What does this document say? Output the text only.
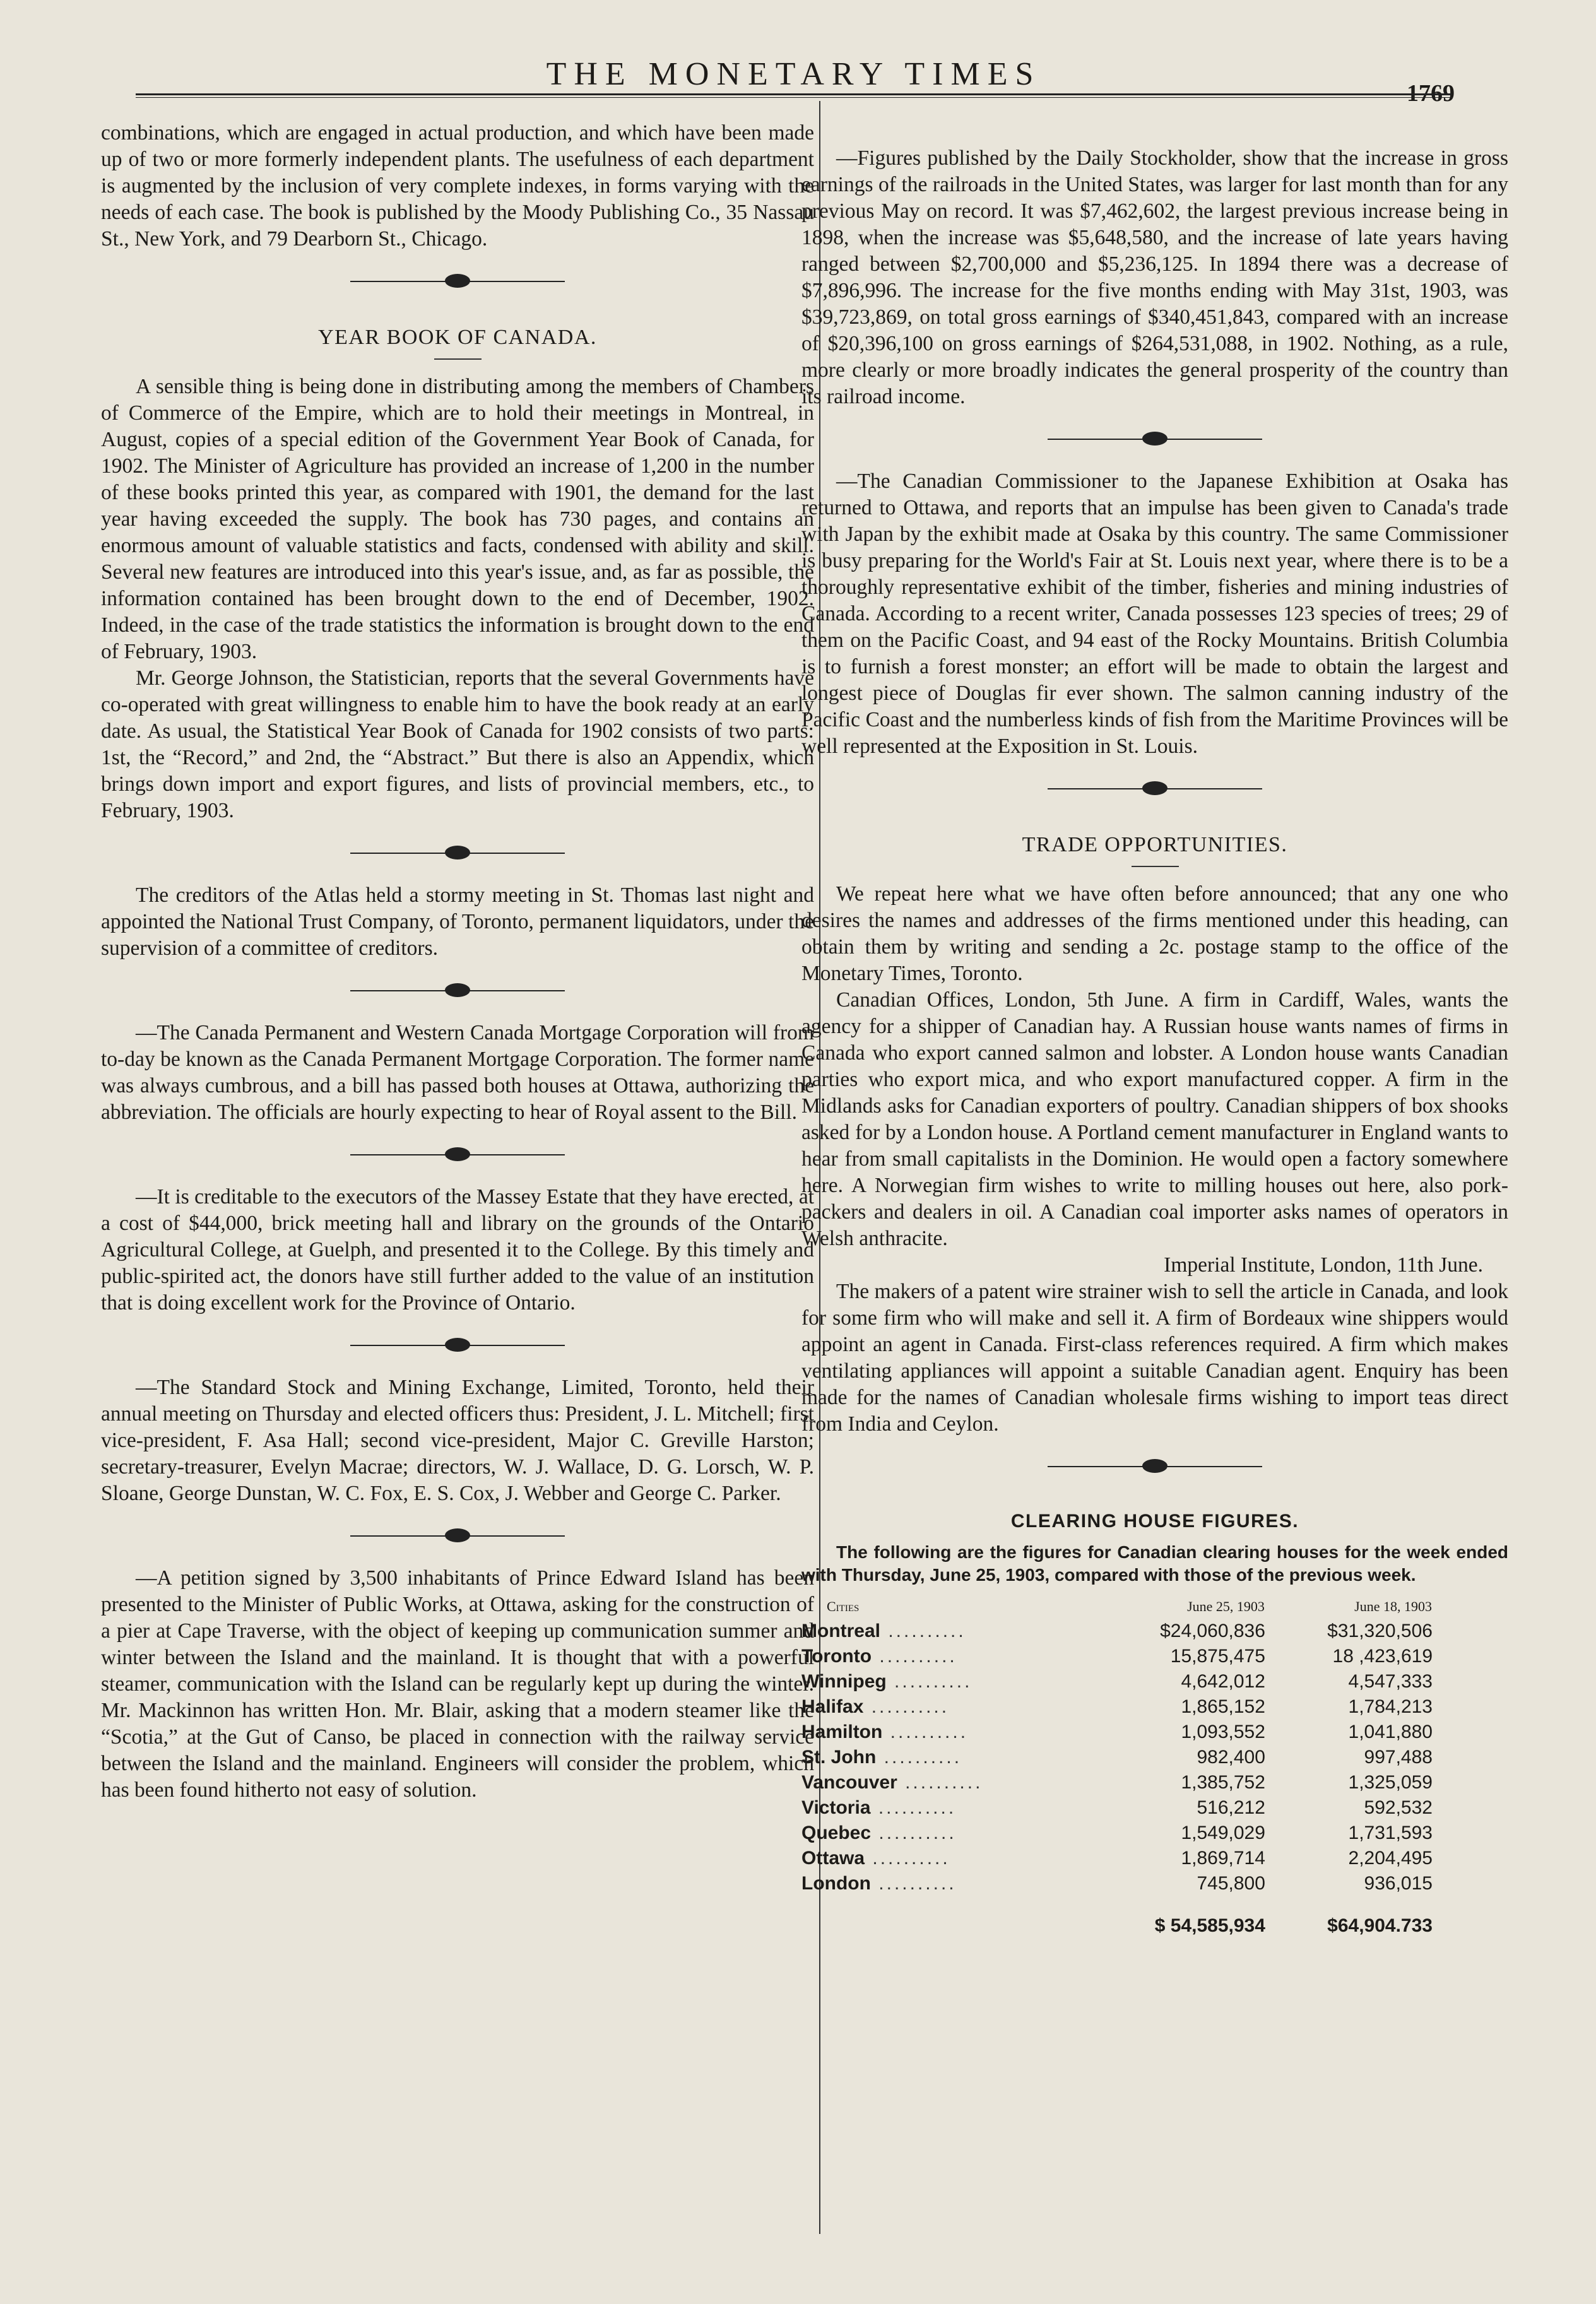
THE MONETARY TIMES
1769

combinations, which are engaged in actual production, and which have been made up of two or more formerly independent plants. The usefulness of each department is augmented by the inclusion of very complete indexes, in forms varying with the needs of each case. The book is published by the Moody Publishing Co., 35 Nassau St., New York, and 79 Dearborn St., Chicago.

YEAR BOOK OF CANADA.

A sensible thing is being done in distributing among the members of Chambers of Commerce of the Empire, which are to hold their meetings in Montreal, in August, copies of a special edition of the Government Year Book of Canada, for 1902. The Minister of Agriculture has provided an increase of 1,200 in the number of these books printed this year, as compared with 1901, the demand for the last year having exceeded the supply. The book has 730 pages, and contains an enormous amount of valuable statistics and facts, condensed with ability and skill. Several new features are introduced into this year's issue, and, as far as possible, the information contained has been brought down to the end of December, 1902. Indeed, in the case of the trade statistics the information is brought down to the end of February, 1903.

Mr. George Johnson, the Statistician, reports that the several Governments have co-operated with great willingness to enable him to have the book ready at an early date. As usual, the Statistical Year Book of Canada for 1902 consists of two parts: 1st, the “Record,” and 2nd, the “Abstract.” But there is also an Appendix, which brings down import and export figures, and lists of provincial members, etc., to February, 1903.

The creditors of the Atlas held a stormy meeting in St. Thomas last night and appointed the National Trust Company, of Toronto, permanent liquidators, under the supervision of a committee of creditors.

—The Canada Permanent and Western Canada Mortgage Corporation will from to-day be known as the Canada Permanent Mortgage Corporation. The former name was always cumbrous, and a bill has passed both houses at Ottawa, authorizing the abbreviation. The officials are hourly expecting to hear of Royal assent to the Bill.

—It is creditable to the executors of the Massey Estate that they have erected, at a cost of $44,000, brick meeting hall and library on the grounds of the Ontario Agricultural College, at Guelph, and presented it to the College. By this timely and public-spirited act, the donors have still further added to the value of an institution that is doing excellent work for the Province of Ontario.

—The Standard Stock and Mining Exchange, Limited, Toronto, held their annual meeting on Thursday and elected officers thus: President, J. L. Mitchell; first vice-president, F. Asa Hall; second vice-president, Major C. Greville Harston; secretary-treasurer, Evelyn Macrae; directors, W. J. Wallace, D. G. Lorsch, W. P. Sloane, George Dunstan, W. C. Fox, E. S. Cox, J. Webber and George C. Parker.

—A petition signed by 3,500 inhabitants of Prince Edward Island has been presented to the Minister of Public Works, at Ottawa, asking for the construction of a pier at Cape Traverse, with the object of keeping up communication summer and winter between the Island and the mainland. It is thought that with a powerful steamer, communication with the Island can be regularly kept up during the winter. Mr. Mackinnon has written Hon. Mr. Blair, asking that a modern steamer like the “Scotia,” at the Gut of Canso, be placed in connection with the railway service between the Island and the mainland. Engineers will consider the problem, which has been found hitherto not easy of solution.

—Figures published by the Daily Stockholder, show that the increase in gross earnings of the railroads in the United States, was larger for last month than for any previous May on record. It was $7,462,602, the largest previous increase being in 1898, when the increase was $5,648,580, and the increase of late years having ranged between $2,700,000 and $5,236,125. In 1894 there was a decrease of $7,896,996. The increase for the five months ending with May 31st, 1903, was $39,723,869, on total gross earnings of $340,451,843, compared with an increase of $20,396,100 on gross earnings of $264,531,088, in 1902. Nothing, as a rule, more clearly or more broadly indicates the general prosperity of the country than its railroad income.

—The Canadian Commissioner to the Japanese Exhibition at Osaka has returned to Ottawa, and reports that an impulse has been given to Canada's trade with Japan by the exhibit made at Osaka by this country. The same Commissioner is busy preparing for the World's Fair at St. Louis next year, where there is to be a thoroughly representative exhibit of the timber, fisheries and mining industries of Canada. According to a recent writer, Canada possesses 123 species of trees; 29 of them on the Pacific Coast, and 94 east of the Rocky Mountains. British Columbia is to furnish a forest monster; an effort will be made to obtain the largest and longest piece of Douglas fir ever shown. The salmon canning industry of the Pacific Coast and the numberless kinds of fish from the Maritime Provinces will be well represented at the Exposition in St. Louis.

TRADE OPPORTUNITIES.

We repeat here what we have often before announced; that any one who desires the names and addresses of the firms mentioned under this heading, can obtain them by writing and sending a 2c. postage stamp to the office of the Monetary Times, Toronto.

Canadian Offices, London, 5th June. A firm in Cardiff, Wales, wants the agency for a shipper of Canadian hay. A Russian house wants names of firms in Canada who export canned salmon and lobster. A London house wants Canadian parties who export mica, and who export manufactured copper. A firm in the Midlands asks for Canadian exporters of poultry. Canadian shippers of box shooks asked for by a London house. A Portland cement manufacturer in England wants to hear from small capitalists in the Dominion. He would open a factory somewhere here. A Norwegian firm wishes to write to milling houses out here, also pork-packers and dealers in oil. A Canadian coal importer asks names of operators in Welsh anthracite.

Imperial Institute, London, 11th June.

The makers of a patent wire strainer wish to sell the article in Canada, and look for some firm who will make and sell it. A firm of Bordeaux wine shippers would appoint an agent in Canada. First-class references required. A firm which makes ventilating appliances will appoint a suitable Canadian agent. Enquiry has been made for the names of Canadian wholesale firms wishing to import teas direct from India and Ceylon.

CLEARING HOUSE FIGURES.

The following are the figures for Canadian clearing houses for the week ended with Thursday, June 25, 1903, compared with those of the previous week.

Cities	June 25, 1903	June 18, 1903
Montreal ..........	$24,060,836	$31,320,506
Toronto ..........	15,875,475	18 ,423,619
Winnipeg ..........	4,642,012	4,547,333
Halifax ..........	1,865,152	1,784,213
Hamilton ..........	1,093,552	1,041,880
St. John ..........	982,400	997,488
Vancouver ..........	1,385,752	1,325,059
Victoria ..........	516,212	592,532
Quebec ..........	1,549,029	1,731,593
Ottawa ..........	1,869,714	2,204,495
London ..........	745,800	936,015
	$ 54,585,934	$64,904.733
